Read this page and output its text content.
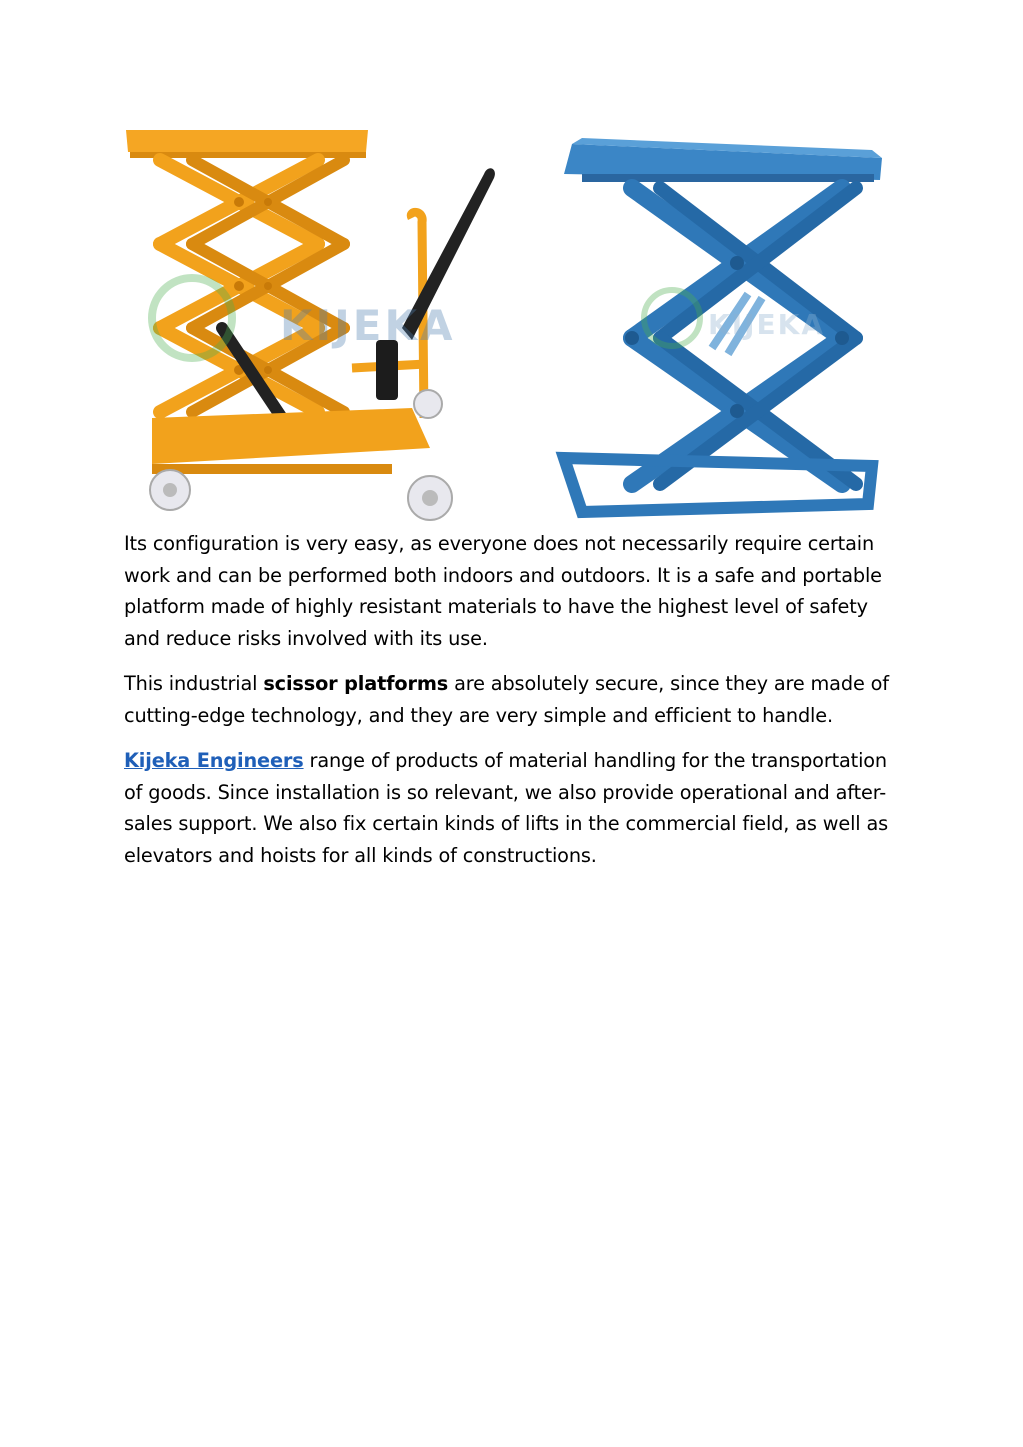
KIJEKA	KIJEKA

Its configuration is very easy, as everyone does not necessarily require certain work and can be performed both indoors and outdoors. It is a safe and portable platform made of highly resistant materials to have the highest level of safety and reduce risks involved with its use.

This industrial scissor platforms are absolutely secure, since they are made of cutting-edge technology, and they are very simple and efficient to handle.

Kijeka Engineers range of products of material handling for the transportation of goods. Since installation is so relevant, we also provide operational and after-sales support. We also fix certain kinds of lifts in the commercial field, as well as elevators and hoists for all kinds of constructions.
